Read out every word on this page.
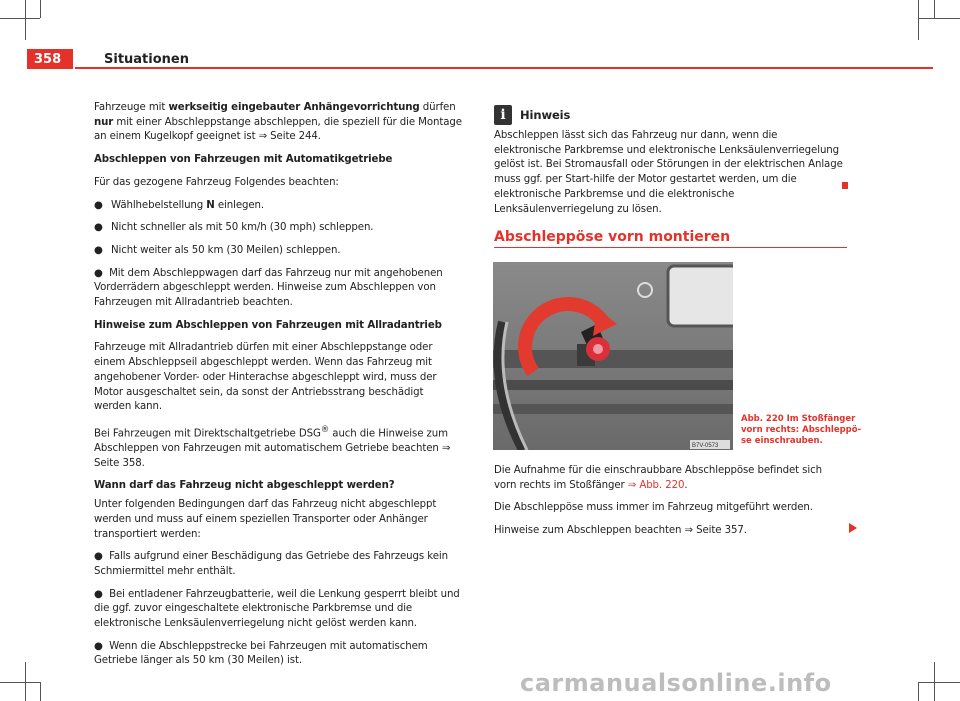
358	Situationen

Fahrzeuge mit werkseitig eingebauter Anhängevorrichtung dürfen nur mit einer Abschleppstange abschleppen, die speziell für die Montage an einem Kugelkopf geeignet ist ⇒ Seite 244.

Abschleppen von Fahrzeugen mit Automatikgetriebe

Für das gezogene Fahrzeug Folgendes beachten:

● Wählhebelstellung N einlegen.
● Nicht schneller als mit 50 km/h (30 mph) schleppen.
● Nicht weiter als 50 km (30 Meilen) schleppen.

●  Mit dem Abschleppwagen darf das Fahrzeug nur mit angehobenen Vorderrädern abgeschleppt werden. Hinweise zum Abschleppen von Fahrzeugen mit Allradantrieb beachten.

Hinweise zum Abschleppen von Fahrzeugen mit Allradantrieb

Fahrzeuge mit Allradantrieb dürfen mit einer Abschleppstange oder einem Abschleppseil abgeschleppt werden. Wenn das Fahrzeug mit angehobener Vorder- oder Hinterachse abgeschleppt wird, muss der Motor ausgeschaltet sein, da sonst der Antriebsstrang beschädigt werden kann.

Bei Fahrzeugen mit Direktschaltgetriebe DSG® auch die Hinweise zum Abschleppen von Fahrzeugen mit automatischem Getriebe beachten ⇒ Seite 358.

Wann darf das Fahrzeug nicht abgeschleppt werden?

Unter folgenden Bedingungen darf das Fahrzeug nicht abgeschleppt werden und muss auf einem speziellen Transporter oder Anhänger transportiert werden:

●  Falls aufgrund einer Beschädigung das Getriebe des Fahrzeugs kein Schmiermittel mehr enthält.

●  Bei entladener Fahrzeugbatterie, weil die Lenkung gesperrt bleibt und die ggf. zuvor eingeschaltete elektronische Parkbremse und die elektronische Lenksäulenverriegelung nicht gelöst werden kann.

●  Wenn die Abschleppstrecke bei Fahrzeugen mit automatischem Getriebe länger als 50 km (30 Meilen) ist.

i	Hinweis

Abschleppen lässt sich das Fahrzeug nur dann, wenn die elektronische Parkbremse und elektronische Lenksäulenverriegelung gelöst ist. Bei Stromausfall oder Störungen in der elektrischen Anlage muss ggf. per Start-hilfe der Motor gestartet werden, um die elektronische Parkbremse und die elektronische Lenksäulenverriegelung zu lösen.

Abschleppöse vorn montieren
B7V-0573
Abb. 220 Im Stoßfänger
vorn rechts: Abschleppö-
se einschrauben.

Die Aufnahme für die einschraubbare Abschleppöse befindet sich vorn rechts im Stoßfänger ⇒ Abb. 220.

Die Abschleppöse muss immer im Fahrzeug mitgeführt werden.

Hinweise zum Abschleppen beachten ⇒ Seite 357.

carmanualsonline.info
